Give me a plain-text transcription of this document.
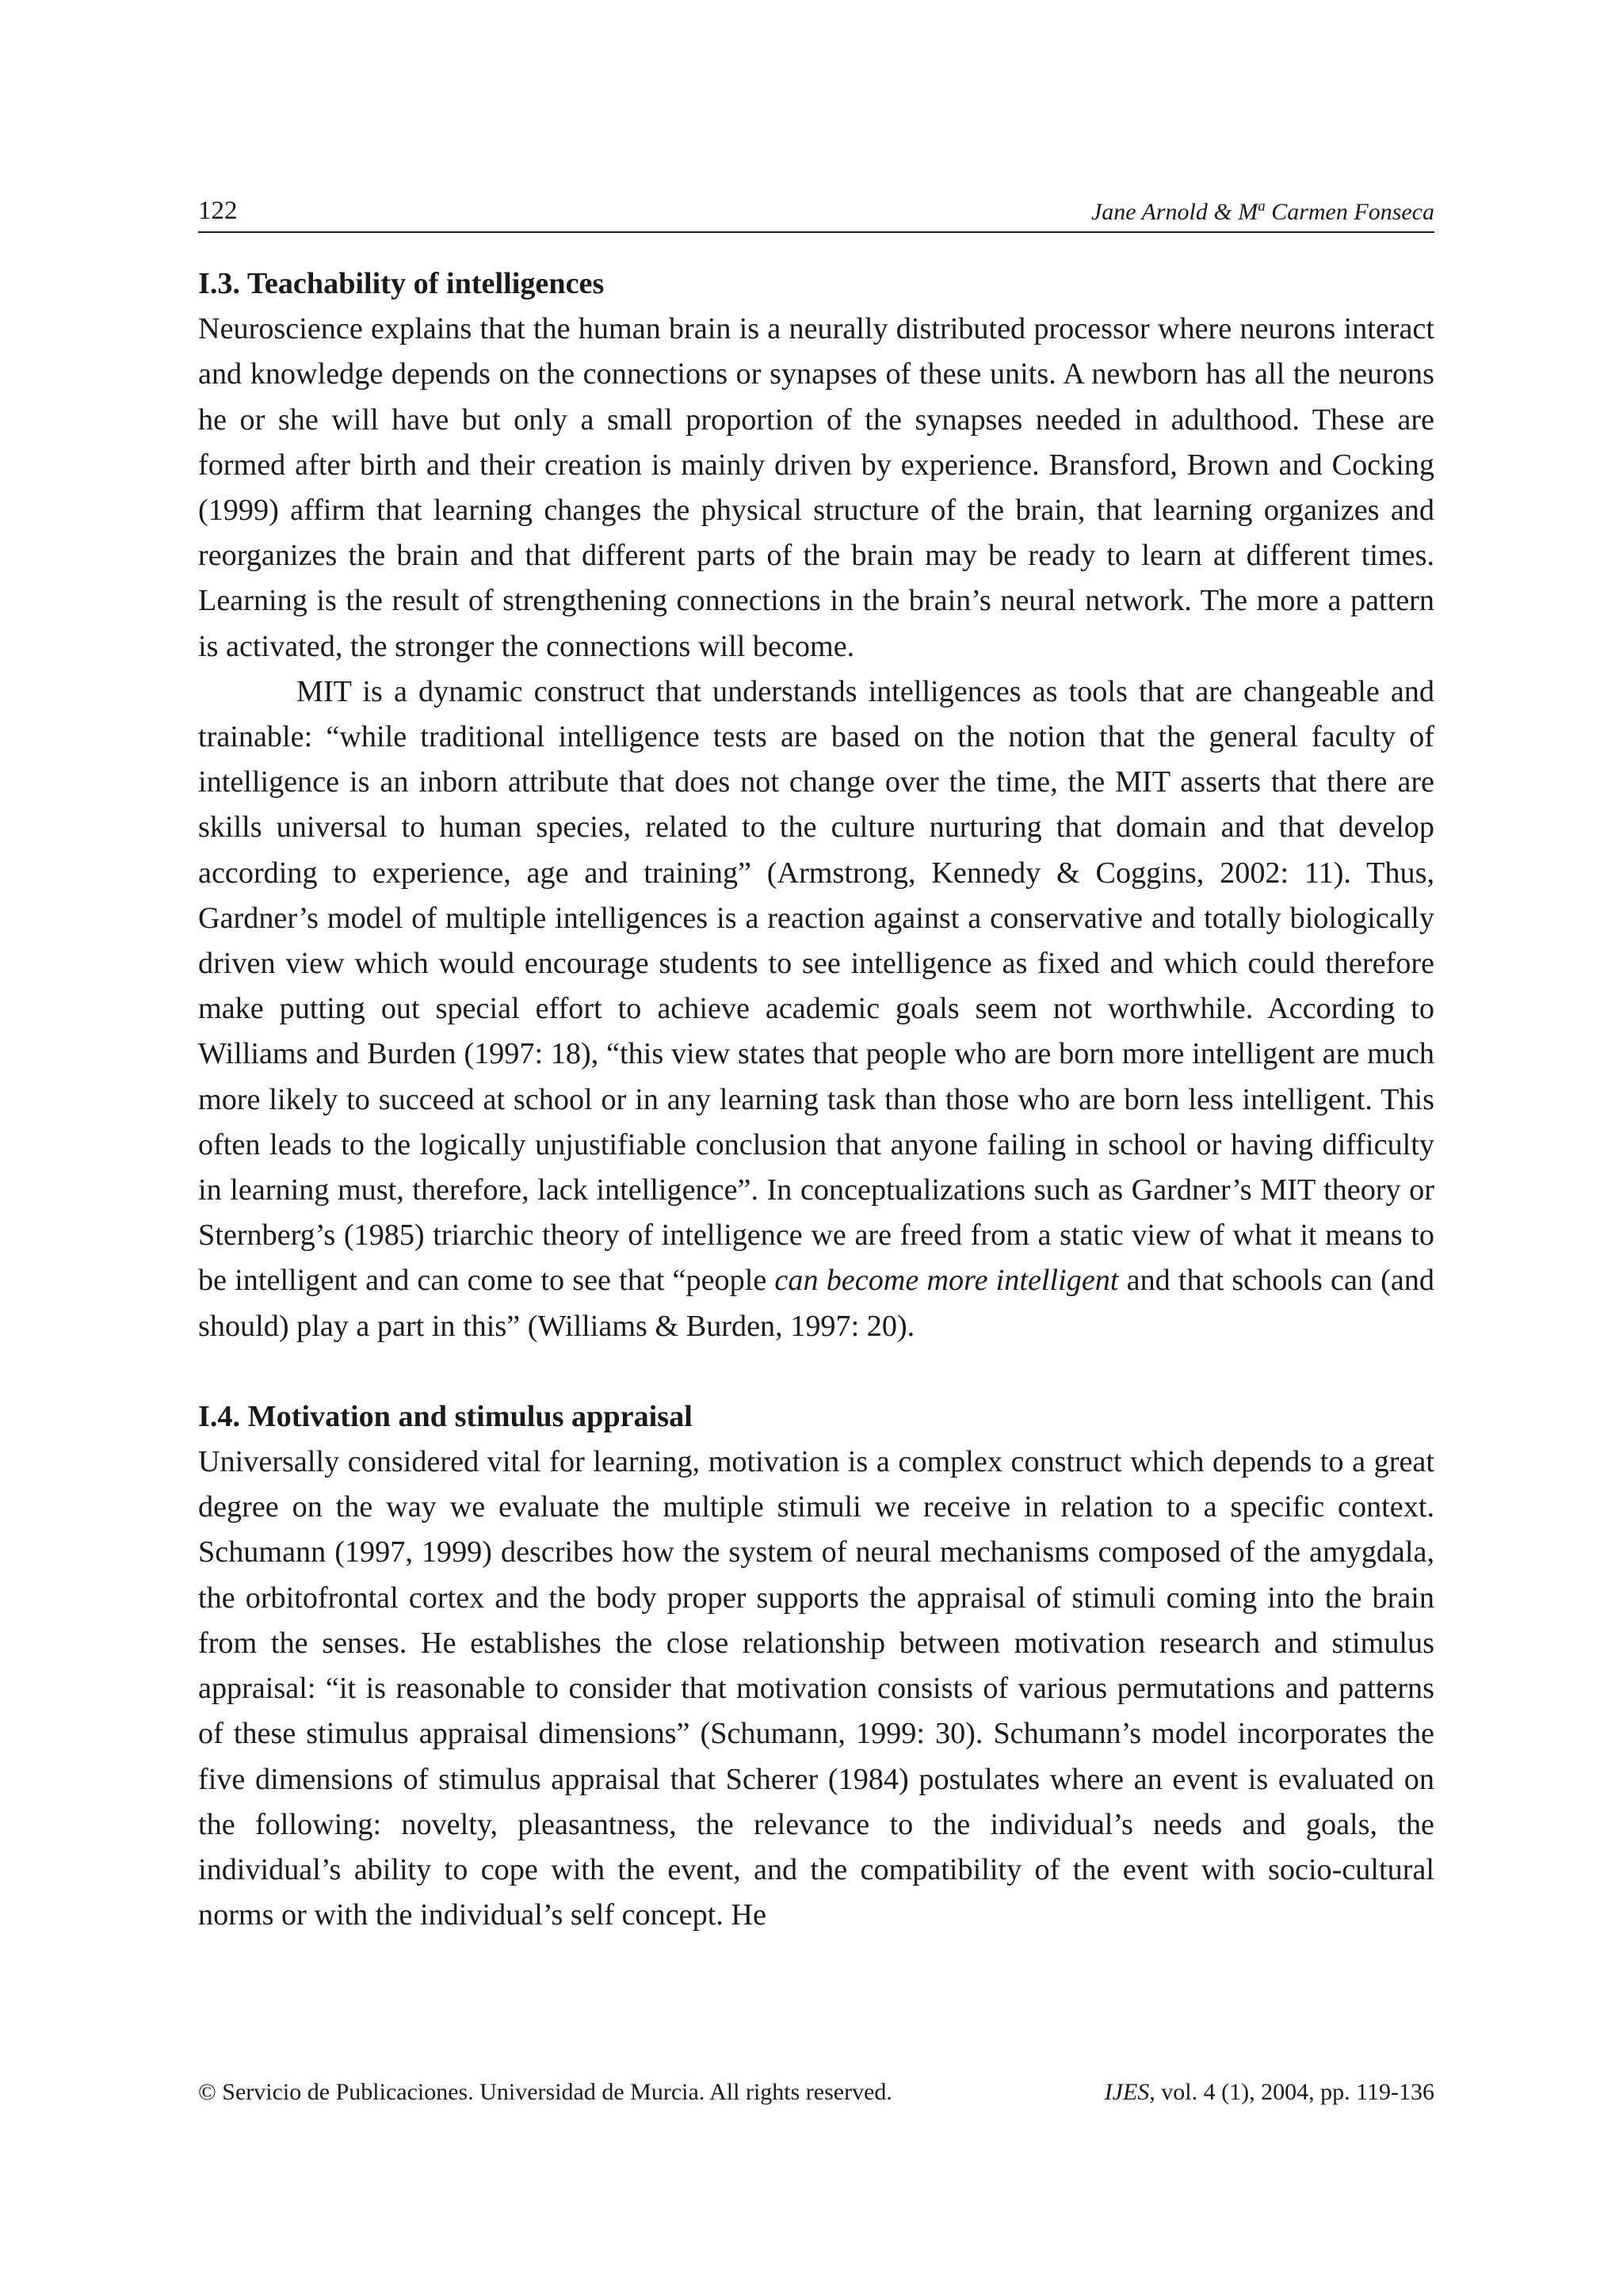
122	Jane Arnold & $M^a$ Carmen Fonseca

I.3. Teachability of intelligences

Neuroscience explains that the human brain is a neurally distributed processor where neurons interact and knowledge depends on the connections or synapses of these units. A newborn has all the neurons he or she will have but only a small proportion of the synapses needed in adulthood. These are formed after birth and their creation is mainly driven by experience. Bransford, Brown and Cocking (1999) affirm that learning changes the physical structure of the brain, that learning organizes and reorganizes the brain and that different parts of the brain may be ready to learn at different times. Learning is the result of strengthening connections in the brain’s neural network. The more a pattern is activated, the stronger the connections will become.

MIT is a dynamic construct that understands intelligences as tools that are changeable and trainable: “while traditional intelligence tests are based on the notion that the general faculty of intelligence is an inborn attribute that does not change over the time, the MIT asserts that there are skills universal to human species, related to the culture nurturing that domain and that develop according to experience, age and training” (Armstrong, Kennedy & Coggins, 2002: 11). Thus, Gardner’s model of multiple intelligences is a reaction against a conservative and totally biologically driven view which would encourage students to see intelligence as fixed and which could therefore make putting out special effort to achieve academic goals seem not worthwhile. According to Williams and Burden (1997: 18), “this view states that people who are born more intelligent are much more likely to succeed at school or in any learning task than those who are born less intelligent. This often leads to the logically unjustifiable conclusion that anyone failing in school or having difficulty in learning must, therefore, lack intelligence”. In conceptualizations such as Gardner’s MIT theory or Sternberg’s (1985) triarchic theory of intelligence we are freed from a static view of what it means to be intelligent and can come to see that “people can become more intelligent and that schools can (and should) play a part in this” (Williams & Burden, 1997: 20).

I.4. Motivation and stimulus appraisal

Universally considered vital for learning, motivation is a complex construct which depends to a great degree on the way we evaluate the multiple stimuli we receive in relation to a specific context. Schumann (1997, 1999) describes how the system of neural mechanisms composed of the amygdala, the orbitofrontal cortex and the body proper supports the appraisal of stimuli coming into the brain from the senses. He establishes the close relationship between motivation research and stimulus appraisal: “it is reasonable to consider that motivation consists of various permutations and patterns of these stimulus appraisal dimensions” (Schumann, 1999: 30). Schumann’s model incorporates the five dimensions of stimulus appraisal that Scherer (1984) postulates where an event is evaluated on the following: novelty, pleasantness, the relevance to the individual’s needs and goals, the individual’s ability to cope with the event, and the compatibility of the event with socio-cultural norms or with the individual’s self concept. He

© Servicio de Publicaciones. Universidad de Murcia. All rights reserved.	IJES, vol. 4 (1), 2004, pp. 119-136
